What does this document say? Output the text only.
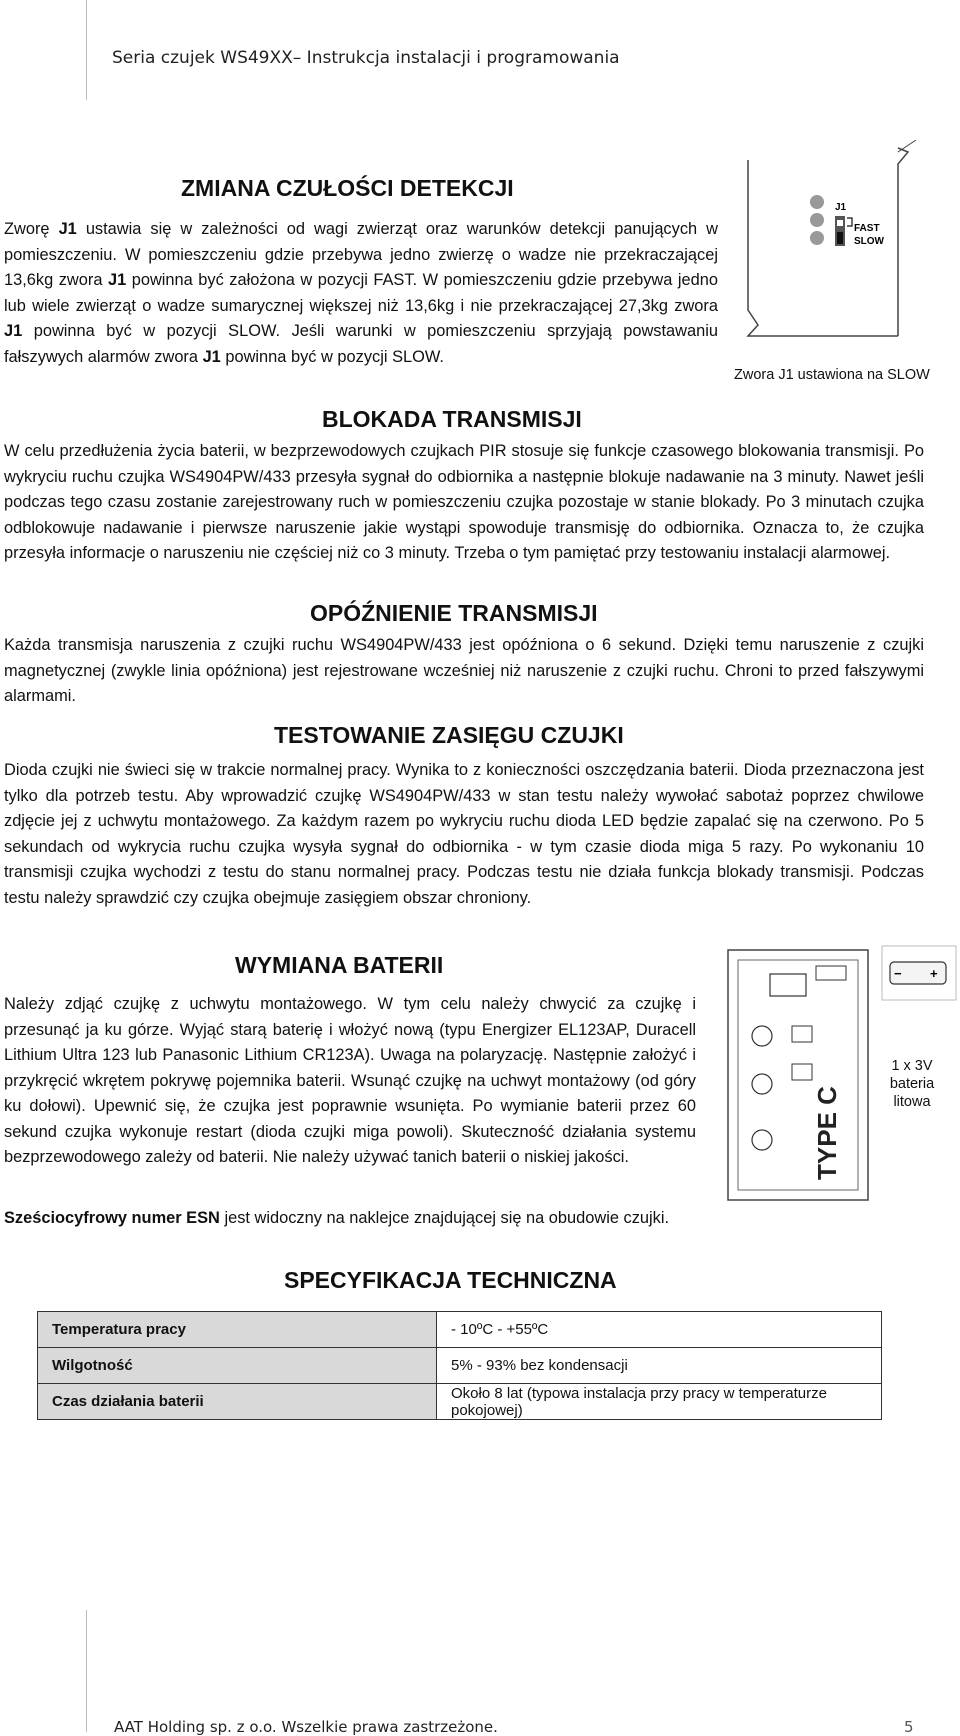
Seria czujek WS49XX– Instrukcja instalacji i programowania
ZMIANA CZUŁOŚCI DETEKCJI

Zworę J1 ustawia się w zależności od wagi zwierząt oraz warunków detekcji panujących w pomieszczeniu. W pomieszczeniu gdzie przebywa jedno zwierzę o wadze nie przekraczającej 13,6kg zwora J1 powinna być założona w pozycji FAST. W pomieszczeniu gdzie przebywa jedno lub wiele zwierząt o wadze sumarycznej większej niż 13,6kg i nie przekraczającej 27,3kg zwora J1 powinna być w pozycji SLOW. Jeśli warunki w pomieszczeniu sprzyjają powstawaniu fałszywych alarmów zwora J1 powinna być w pozycji SLOW.

J1
FAST
SLOW
Zwora J1 ustawiona na SLOW
BLOKADA TRANSMISJI

W celu przedłużenia życia baterii, w bezprzewodowych czujkach PIR stosuje się funkcje czasowego blokowania transmisji. Po wykryciu ruchu czujka WS4904PW/433 przesyła sygnał do odbiornika a następnie blokuje nadawanie na 3 minuty. Nawet jeśli podczas tego czasu zostanie zarejestrowany ruch w pomieszczeniu czujka pozostaje w stanie blokady. Po 3 minutach czujka odblokowuje nadawanie i pierwsze naruszenie jakie wystąpi spowoduje transmisję do odbiornika. Oznacza to, że czujka przesyła informacje o naruszeniu nie częściej niż co 3 minuty. Trzeba o tym pamiętać przy testowaniu instalacji alarmowej.

OPÓŹNIENIE TRANSMISJI

Każda transmisja naruszenia z czujki ruchu WS4904PW/433 jest opóźniona o 6 sekund. Dzięki temu naruszenie z czujki magnetycznej (zwykle linia opóźniona) jest rejestrowane wcześniej niż naruszenie z czujki ruchu. Chroni to przed fałszywymi alarmami.

TESTOWANIE ZASIĘGU CZUJKI

Dioda czujki nie świeci się w trakcie normalnej pracy. Wynika to z konieczności oszczędzania baterii. Dioda przeznaczona jest tylko dla potrzeb testu. Aby wprowadzić czujkę WS4904PW/433 w stan testu należy wywołać sabotaż poprzez chwilowe zdjęcie jej z uchwytu montażowego. Za każdym razem po wykryciu ruchu dioda LED będzie zapalać się na czerwono. Po 5 sekundach od wykrycia ruchu czujka wysyła sygnał do odbiornika - w tym czasie dioda miga 5 razy. Po wykonaniu 10 transmisji czujka wychodzi z testu do stanu normalnej pracy. Podczas testu nie działa funkcja blokady transmisji. Podczas testu należy sprawdzić czy czujka obejmuje zasięgiem obszar chroniony.

WYMIANA BATERII

Należy zdjąć czujkę z uchwytu montażowego. W tym celu należy chwycić za czujkę i przesunąć ja ku górze. Wyjąć starą baterię i włożyć nową (typu Energizer EL123AP, Duracell Lithium Ultra 123 lub Panasonic Lithium CR123A). Uwaga na polaryzację. Następnie założyć i przykręcić wkrętem pokrywę pojemnika baterii. Wsunąć czujkę na uchwyt montażowy (od góry ku dołowi). Upewnić się, że czujka jest poprawnie wsunięta. Po wymianie baterii przez 60 sekund czujka wykonuje restart (dioda czujki miga powoli). Skuteczność działania systemu bezprzewodowego zależy od baterii. Nie należy używać tanich baterii o niskiej jakości.	TYPE C
− +
1 x 3V
bateria
litowa

Sześciocyfrowy numer ESN jest widoczny na naklejce znajdującej się na obudowie czujki.

SPECYFIKACJA TECHNICZNA
Temperatura pracy	- 10ºC - +55ºC
Wilgotność	5% - 93% bez kondensacji
Czas działania baterii	Około 8 lat (typowa instalacja przy pracy w temperaturze pokojowej)
AAT Holding sp. z o.o. Wszelkie prawa zastrzeżone.	5
